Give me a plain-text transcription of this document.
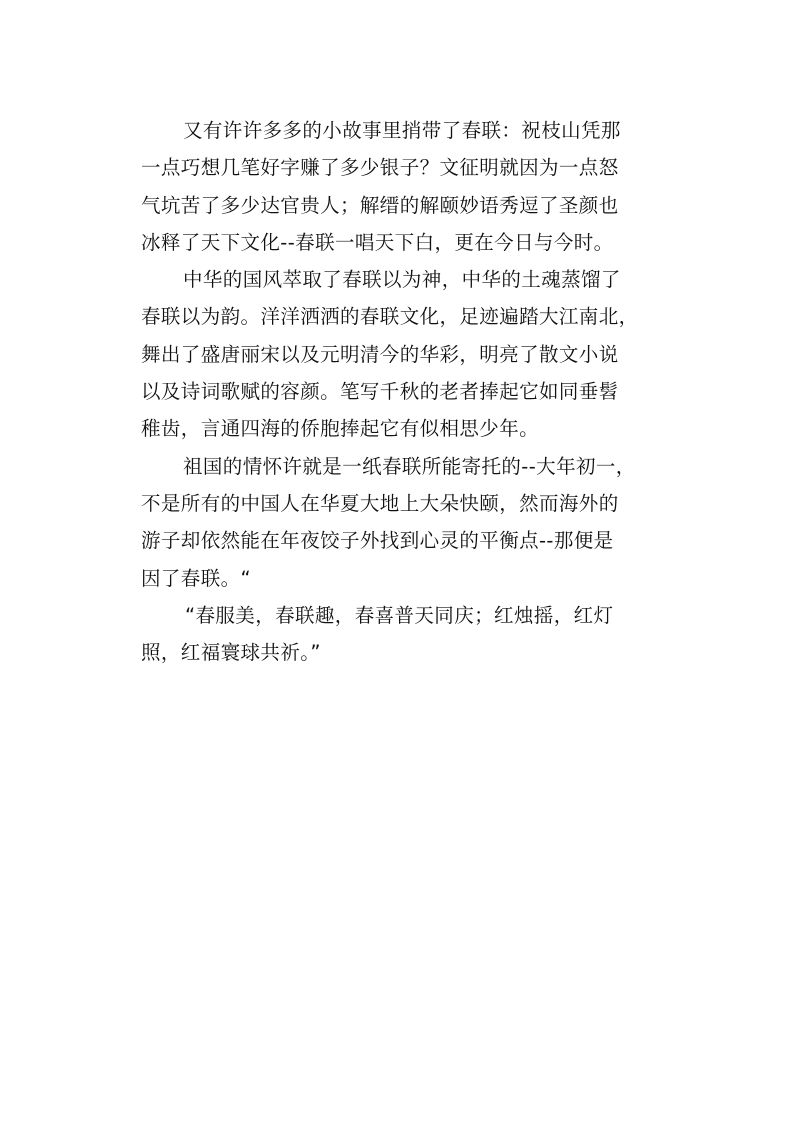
又有许许多多的小故事里捎带了春联：祝枝山凭那
一点巧想几笔好字赚了多少银子？文征明就因为一点怒
气坑苦了多少达官贵人；解缙的解颐妙语秀逗了圣颜也
冰释了天下文化--春联一唱天下白，更在今日与今时。
中华的国风萃取了春联以为神，中华的土魂蒸馏了
春联以为韵。洋洋洒洒的春联文化，足迹遍踏大江南北，
舞出了盛唐丽宋以及元明清今的华彩，明亮了散文小说
以及诗词歌赋的容颜。笔写千秋的老者捧起它如同垂髫
稚齿，言通四海的侨胞捧起它有似相思少年。
祖国的情怀许就是一纸春联所能寄托的--大年初一，
不是所有的中国人在华夏大地上大朵快颐，然而海外的
游子却依然能在年夜饺子外找到心灵的平衡点--那便是
因了春联。“
“春服美，春联趣，春喜普天同庆；红烛摇，红灯
照，红福寰球共祈。”
